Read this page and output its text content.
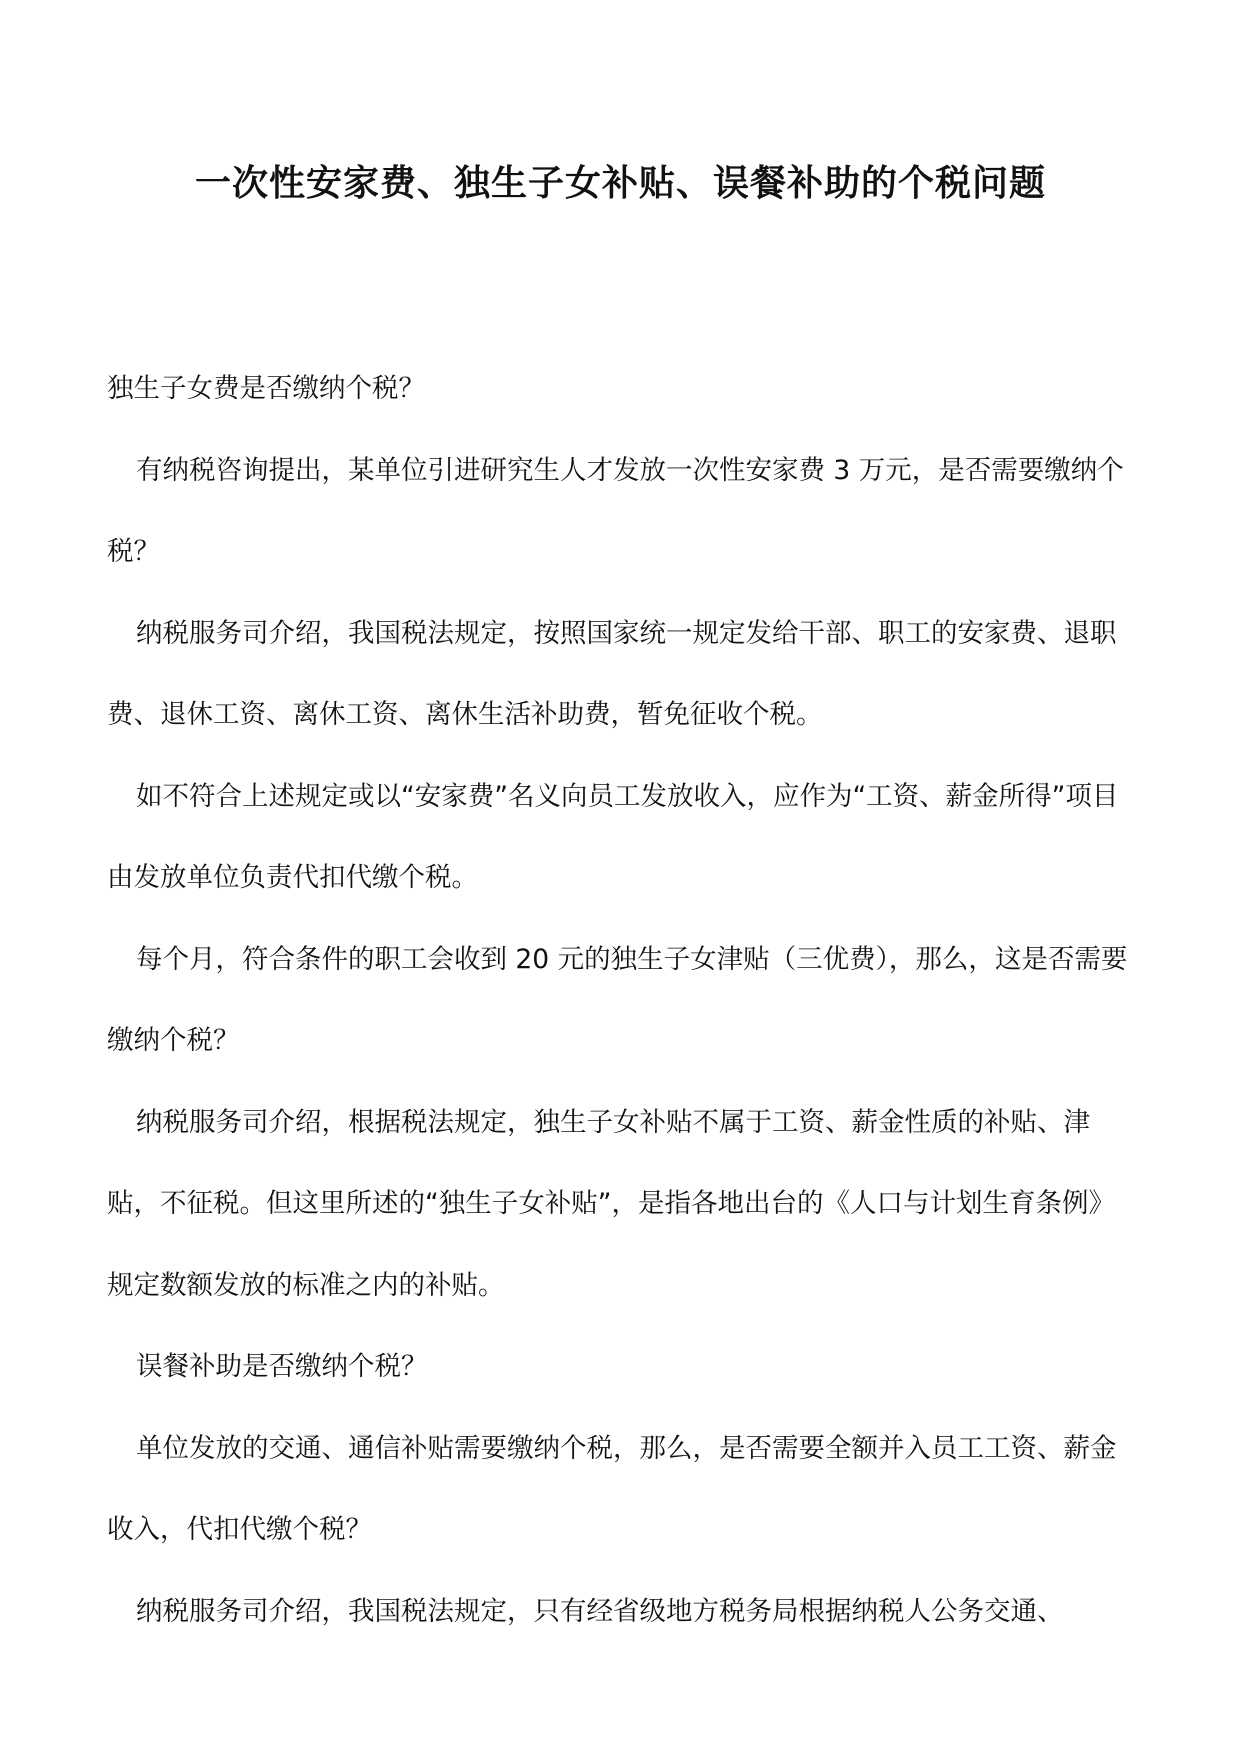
一次性安家费、独生子女补贴、误餐补助的个税问题

独生子女费是否缴纳个税？

有纳税咨询提出，某单位引进研究生人才发放一次性安家费 3 万元，是否需要缴纳个税？

纳税服务司介绍，我国税法规定，按照国家统一规定发给干部、职工的安家费、退职费、退休工资、离休工资、离休生活补助费，暂免征收个税。

如不符合上述规定或以“安家费”名义向员工发放收入，应作为“工资、薪金所得”项目由发放单位负责代扣代缴个税。

每个月，符合条件的职工会收到 20 元的独生子女津贴（三优费），那么，这是否需要缴纳个税？

纳税服务司介绍，根据税法规定，独生子女补贴不属于工资、薪金性质的补贴、津贴，不征税。但这里所述的“独生子女补贴”，是指各地出台的《人口与计划生育条例》规定数额发放的标准之内的补贴。

误餐补助是否缴纳个税？

单位发放的交通、通信补贴需要缴纳个税，那么，是否需要全额并入员工工资、薪金收入，代扣代缴个税？

纳税服务司介绍，我国税法规定，只有经省级地方税务局根据纳税人公务交通、
